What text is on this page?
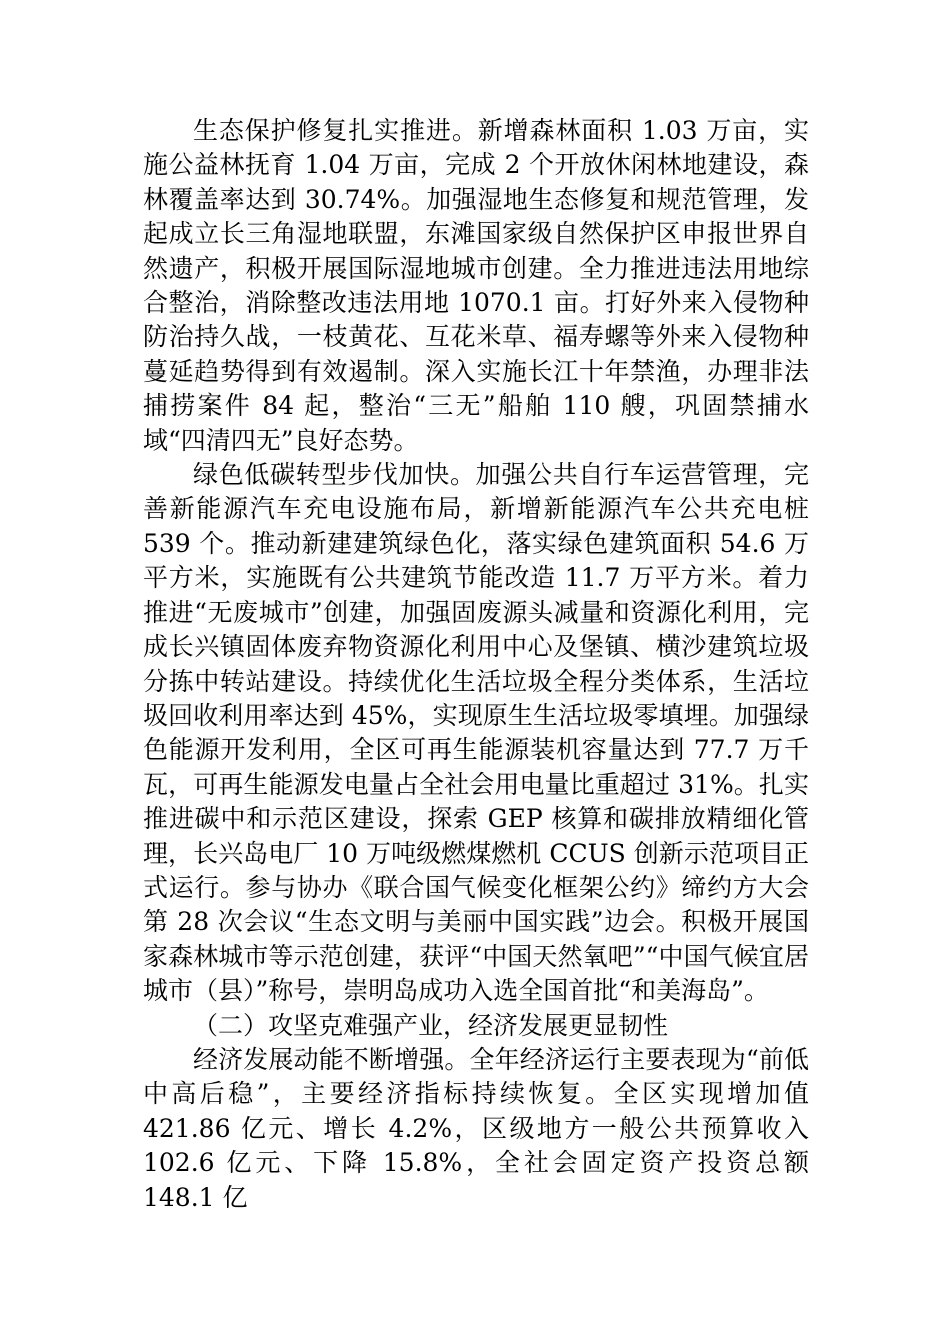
生态保护修复扎实推进。新增森林面积 1.03 万亩，实施公益林抚育 1.04 万亩，完成 2 个开放休闲林地建设，森林覆盖率达到 30.74%。加强湿地生态修复和规范管理，发起成立长三角湿地联盟，东滩国家级自然保护区申报世界自然遗产，积极开展国际湿地城市创建。全力推进违法用地综合整治，消除整改违法用地 1070.1 亩。打好外来入侵物种防治持久战，一枝黄花、互花米草、福寿螺等外来入侵物种蔓延趋势得到有效遏制。深入实施长江十年禁渔，办理非法捕捞案件 84 起，整治“三无”船舶 110 艘，巩固禁捕水域“四清四无”良好态势。

绿色低碳转型步伐加快。加强公共自行车运营管理，完善新能源汽车充电设施布局，新增新能源汽车公共充电桩 539 个。推动新建建筑绿色化，落实绿色建筑面积 54.6 万平方米，实施既有公共建筑节能改造 11.7 万平方米。着力推进“无废城市”创建，加强固废源头减量和资源化利用，完成长兴镇固体废弃物资源化利用中心及堡镇、横沙建筑垃圾分拣中转站建设。持续优化生活垃圾全程分类体系，生活垃圾回收利用率达到 45%，实现原生生活垃圾零填埋。加强绿色能源开发利用，全区可再生能源装机容量达到 77.7 万千瓦，可再生能源发电量占全社会用电量比重超过 31%。扎实推进碳中和示范区建设，探索 GEP 核算和碳排放精细化管理，长兴岛电厂 10 万吨级燃煤燃机 CCUS 创新示范项目正式运行。参与协办《联合国气候变化框架公约》缔约方大会第 28 次会议“生态文明与美丽中国实践”边会。积极开展国家森林城市等示范创建，获评“中国天然氧吧”“中国气候宜居城市（县）”称号，崇明岛成功入选全国首批“和美海岛”。

（二）攻坚克难强产业，经济发展更显韧性

经济发展动能不断增强。全年经济运行主要表现为“前低中高后稳”，主要经济指标持续恢复。全区实现增加值 421.86 亿元、增长 4.2%，区级地方一般公共预算收入 102.6 亿元、下降 15.8%，全社会固定资产投资总额 148.1 亿
